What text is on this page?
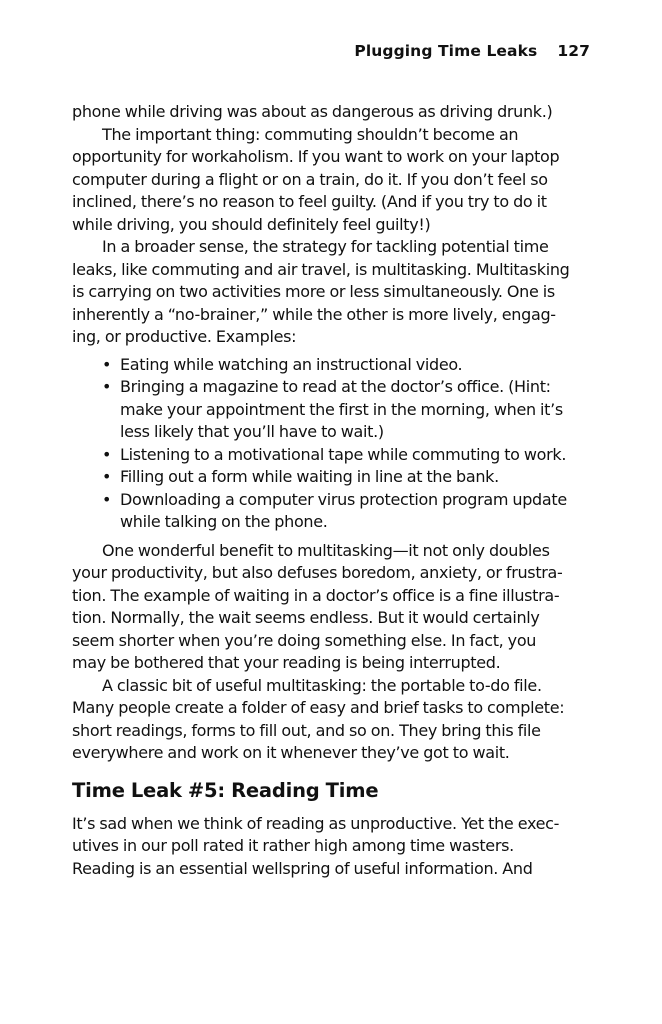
Plugging Time Leaks 127
phone while driving was about as dangerous as driving drunk.)
The important thing: commuting shouldn’t become an
opportunity for workaholism. If you want to work on your laptop
computer during a flight or on a train, do it. If you don’t feel so
inclined, there’s no reason to feel guilty. (And if you try to do it
while driving, you should definitely feel guilty!)
In a broader sense, the strategy for tackling potential time
leaks, like commuting and air travel, is multitasking. Multitasking
is carrying on two activities more or less simultaneously. One is
inherently a “no-brainer,” while the other is more lively, engag-
ing, or productive. Examples:
• Eating while watching an instructional video.
• Bringing a magazine to read at the doctor’s office. (Hint:
make your appointment the first in the morning, when it’s
less likely that you’ll have to wait.)
• Listening to a motivational tape while commuting to work.
• Filling out a form while waiting in line at the bank.
• Downloading a computer virus protection program update
while talking on the phone.
One wonderful benefit to multitasking—it not only doubles
your productivity, but also defuses boredom, anxiety, or frustra-
tion. The example of waiting in a doctor’s office is a fine illustra-
tion. Normally, the wait seems endless. But it would certainly
seem shorter when you’re doing something else. In fact, you
may be bothered that your reading is being interrupted.
A classic bit of useful multitasking: the portable to-do file.
Many people create a folder of easy and brief tasks to complete:
short readings, forms to fill out, and so on. They bring this file
everywhere and work on it whenever they’ve got to wait.
Time Leak #5: Reading Time
It’s sad when we think of reading as unproductive. Yet the exec-
utives in our poll rated it rather high among time wasters.
Reading is an essential wellspring of useful information. And
